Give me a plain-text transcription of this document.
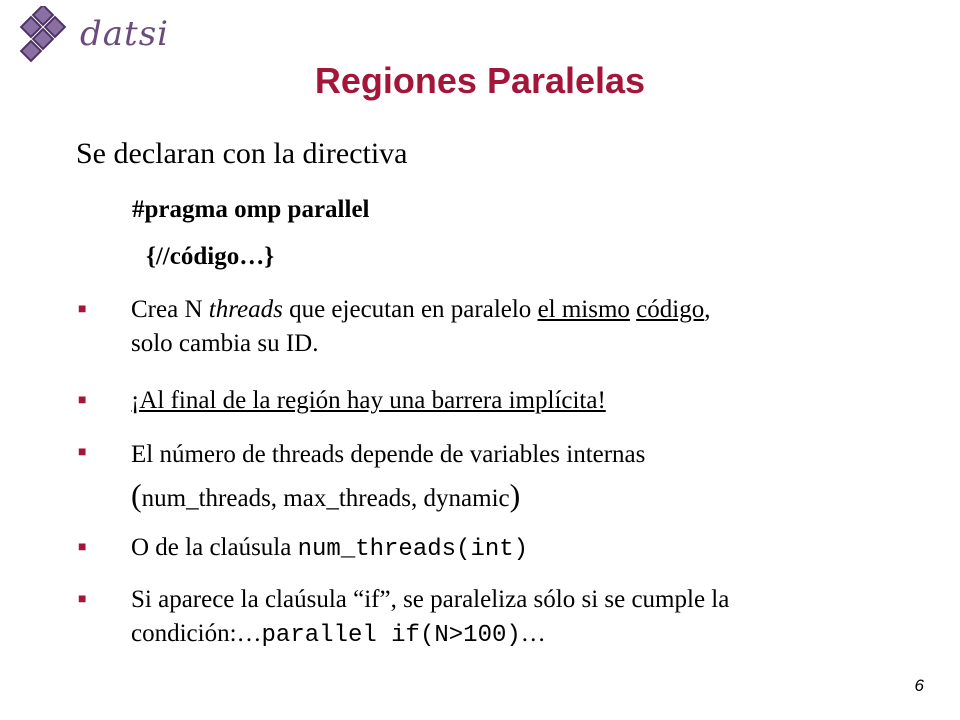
datsi
Regiones Paralelas
Se declaran con la directiva
#pragma omp parallel
{//código…}
■ Crea N threads que ejecutan en paralelo el mismo código,
solo cambia su ID.
■ ¡Al final de la región hay una barrera implícita!
■ El número de threads depende de variables internas
(num_threads, max_threads, dynamic)
■ O de la claúsula num_threads(int)
■ Si aparece la claúsula “if”, se paraleliza sólo si se cumple la
condición:…parallel if(N>100)…
6
